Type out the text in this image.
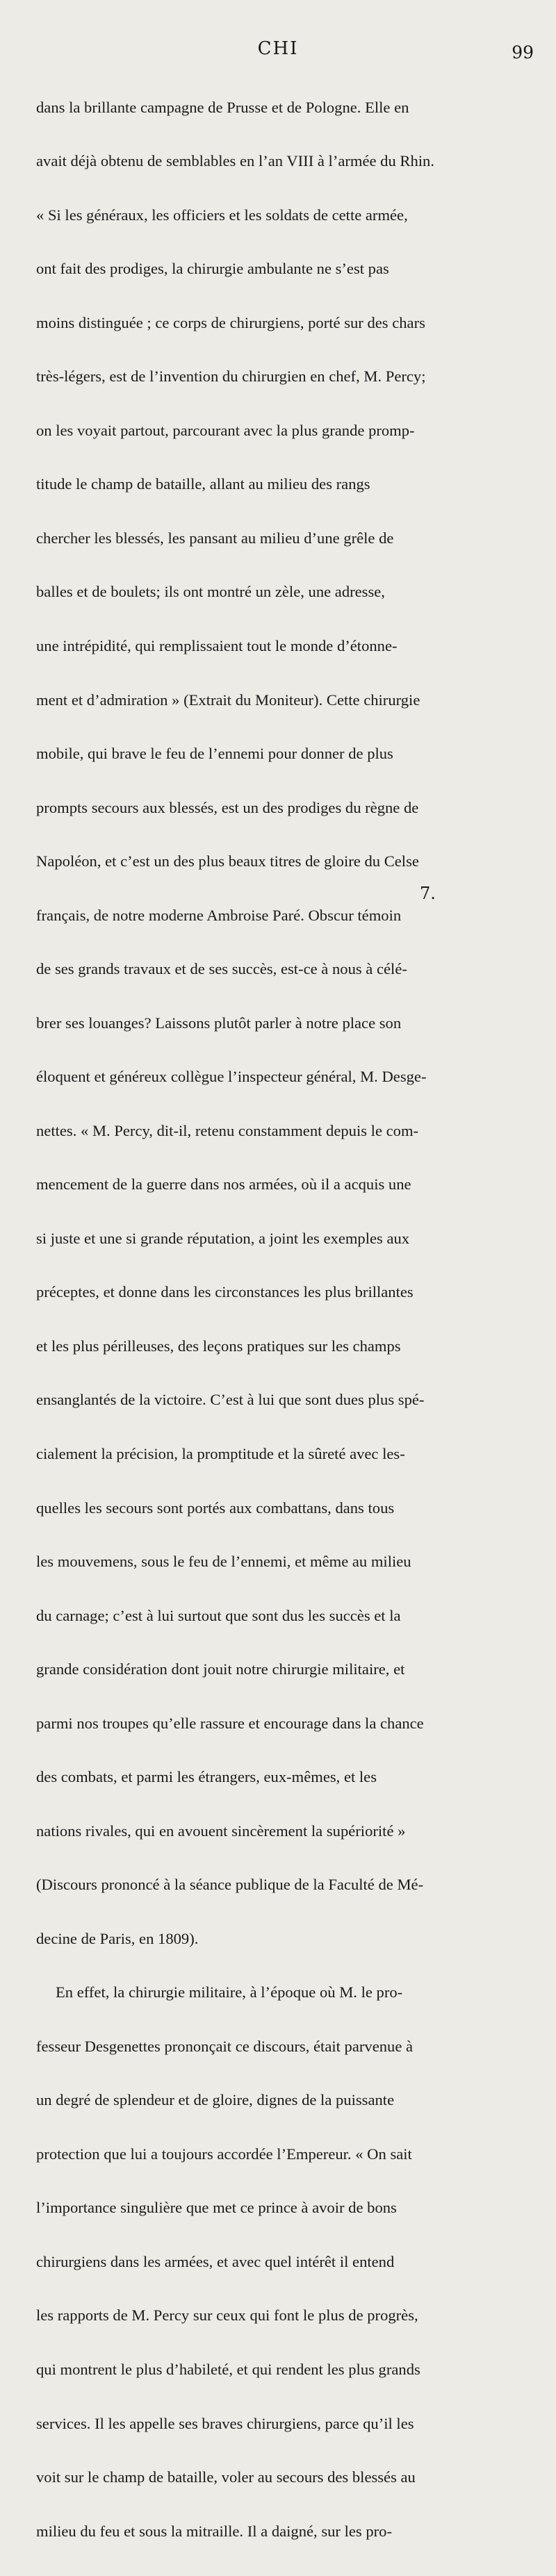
CHI	99

dans la brillante campagne de Prusse et de Pologne. Elle en

avait déjà obtenu de semblables en l’an VIII à l’armée du Rhin.

« Si les généraux, les officiers et les soldats de cette armée,

ont fait des prodiges, la chirurgie ambulante ne s’est pas

moins distinguée ; ce corps de chirurgiens, porté sur des chars

très-légers, est de l’invention du chirurgien en chef, M. Percy;

on les voyait partout, parcourant avec la plus grande promp-

titude le champ de bataille, allant au milieu des rangs

chercher les blessés, les pansant au milieu d’une grêle de

balles et de boulets; ils ont montré un zèle, une adresse,

une intrépidité, qui remplissaient tout le monde d’étonne-

ment et d’admiration » (Extrait du Moniteur). Cette chirurgie

mobile, qui brave le feu de l’ennemi pour donner de plus

prompts secours aux blessés, est un des prodiges du règne de

Napoléon, et c’est un des plus beaux titres de gloire du Celse

français, de notre moderne Ambroise Paré. Obscur témoin

de ses grands travaux et de ses succès, est-ce à nous à célé-

brer ses louanges? Laissons plutôt parler à notre place son

éloquent et généreux collègue l’inspecteur général, M. Desge-

nettes. « M. Percy, dit-il, retenu constamment depuis le com-

mencement de la guerre dans nos armées, où il a acquis une

si juste et une si grande réputation, a joint les exemples aux

préceptes, et donne dans les circonstances les plus brillantes

et les plus périlleuses, des leçons pratiques sur les champs

ensanglantés de la victoire. C’est à lui que sont dues plus spé-

cialement la précision, la promptitude et la sûreté avec les-

quelles les secours sont portés aux combattans, dans tous

les mouvemens, sous le feu de l’ennemi, et même au milieu

du carnage; c’est à lui surtout que sont dus les succès et la

grande considération dont jouit notre chirurgie militaire, et

parmi nos troupes qu’elle rassure et encourage dans la chance

des combats, et parmi les étrangers, eux-mêmes, et les

nations rivales, qui en avouent sincèrement la supériorité »

(Discours prononcé à la séance publique de la Faculté de Mé-

decine de Paris, en 1809).

En effet, la chirurgie militaire, à l’époque où M. le pro-

fesseur Desgenettes prononçait ce discours, était parvenue à

un degré de splendeur et de gloire, dignes de la puissante

protection que lui a toujours accordée l’Empereur. « On sait

l’importance singulière que met ce prince à avoir de bons

chirurgiens dans les armées, et avec quel intérêt il entend

les rapports de M. Percy sur ceux qui font le plus de progrès,

qui montrent le plus d’habileté, et qui rendent les plus grands

services. Il les appelle ses braves chirurgiens, parce qu’il les

voit sur le champ de bataille, voler au secours des blessés au

milieu du feu et sous la mitraille. Il a daigné, sur les pro-

7.
